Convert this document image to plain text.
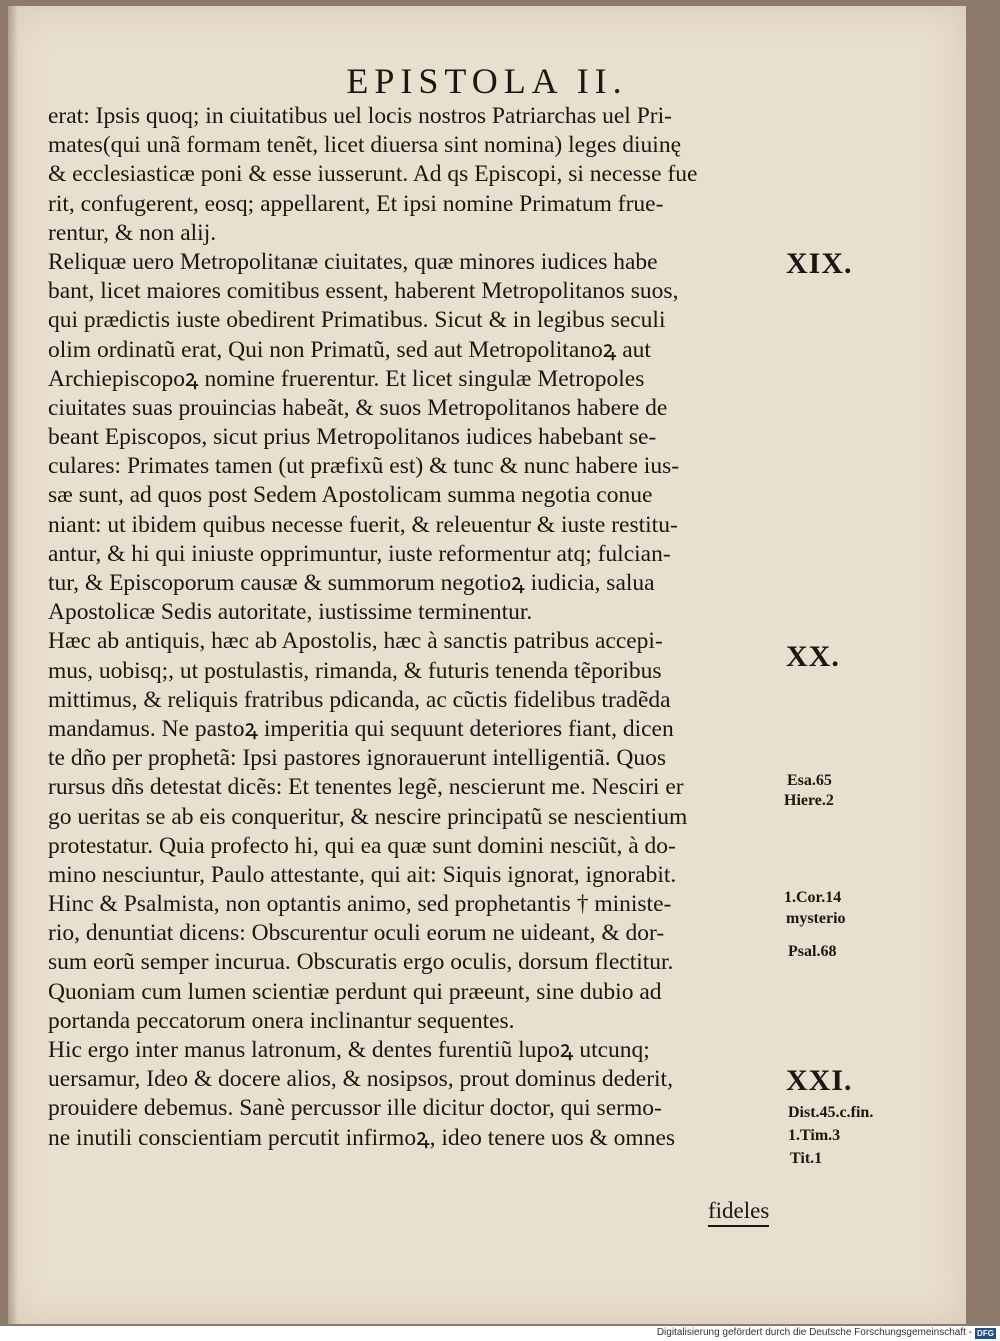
EPISTOLA II.
erat: Ipsis quoq; in ciuitatibus uel locis nostros Patriarchas uel Pri-
mates(qui unã formam tenẽt, licet diuersa sint nomina) leges diuinę
& ecclesiasticæ poni & esse iusserunt. Ad qs Episcopi, si necesse fue
rit, confugerent, eosq; appellarent, Et ipsi nomine Primatum frue-
rentur, & non alij.
Reliquæ uero Metropolitanæ ciuitates, quæ minores iudices habe
bant, licet maiores comitibus essent, haberent Metropolitanos suos,
qui prædictis iuste obedirent Primatibus. Sicut & in legibus seculi
olim ordinatũ erat, Qui non Primatũ, sed aut Metropolitanoꝝ aut
Archiepiscopoꝝ nomine fruerentur. Et licet singulæ Metropoles
ciuitates suas prouincias habeãt, & suos Metropolitanos habere de
beant Episcopos, sicut prius Metropolitanos iudices habebant se-
culares: Primates tamen (ut præfixũ est) & tunc & nunc habere ius-
sæ sunt, ad quos post Sedem Apostolicam summa negotia conue
niant: ut ibidem quibus necesse fuerit, & releuentur & iuste restitu-
antur, & hi qui iniuste opprimuntur, iuste reformentur atq; fulcian-
tur, & Episcoporum causæ & summorum negotioꝝ iudicia, salua
Apostolicæ Sedis autoritate, iustissime terminentur.
Hæc ab antiquis, hæc ab Apostolis, hæc à sanctis patribus accepi-
mus, uobisq;, ut postulastis, rimanda, & futuris tenenda tẽporibus
mittimus, & reliquis fratribus pdicanda, ac cũctis fidelibus tradẽda
mandamus. Ne pastoꝝ imperitia qui sequunt deteriores fiant, dicen
te dño per prophetã: Ipsi pastores ignorauerunt intelligentiã. Quos
rursus dñs detestat dicẽs: Et tenentes legẽ, nescierunt me. Nesciri er
go ueritas se ab eis conqueritur, & nescire principatũ se nescientium
protestatur. Quia profecto hi, qui ea quæ sunt domini nesciũt, à do-
mino nesciuntur, Paulo attestante, qui ait: Siquis ignorat, ignorabit.
Hinc & Psalmista, non optantis animo, sed prophetantis † ministe-
rio, denuntiat dicens: Obscurentur oculi eorum ne uideant, & dor-
sum eorũ semper incurua. Obscuratis ergo oculis, dorsum flectitur.
Quoniam cum lumen scientiæ perdunt qui præeunt, sine dubio ad
portanda peccatorum onera inclinantur sequentes.
Hic ergo inter manus latronum, & dentes furentiũ lupoꝝ utcunq;
uersamur, Ideo & docere alios, & nosipsos, prout dominus dederit,
prouidere debemus. Sanè percussor ille dicitur doctor, qui sermo-
ne inutili conscientiam percutit infirmoꝝ, ideo tenere uos & omnes
XIX.
XX.
Esa.65
Hiere.2
1.Cor.14
mysterio
Psal.68
XXI.
Dist.45.c.fin.
1.Tim.3
Tit.1
fideles
Digitalisierung gefördert durch die Deutsche Forschungsgemeinschaft - DFG
